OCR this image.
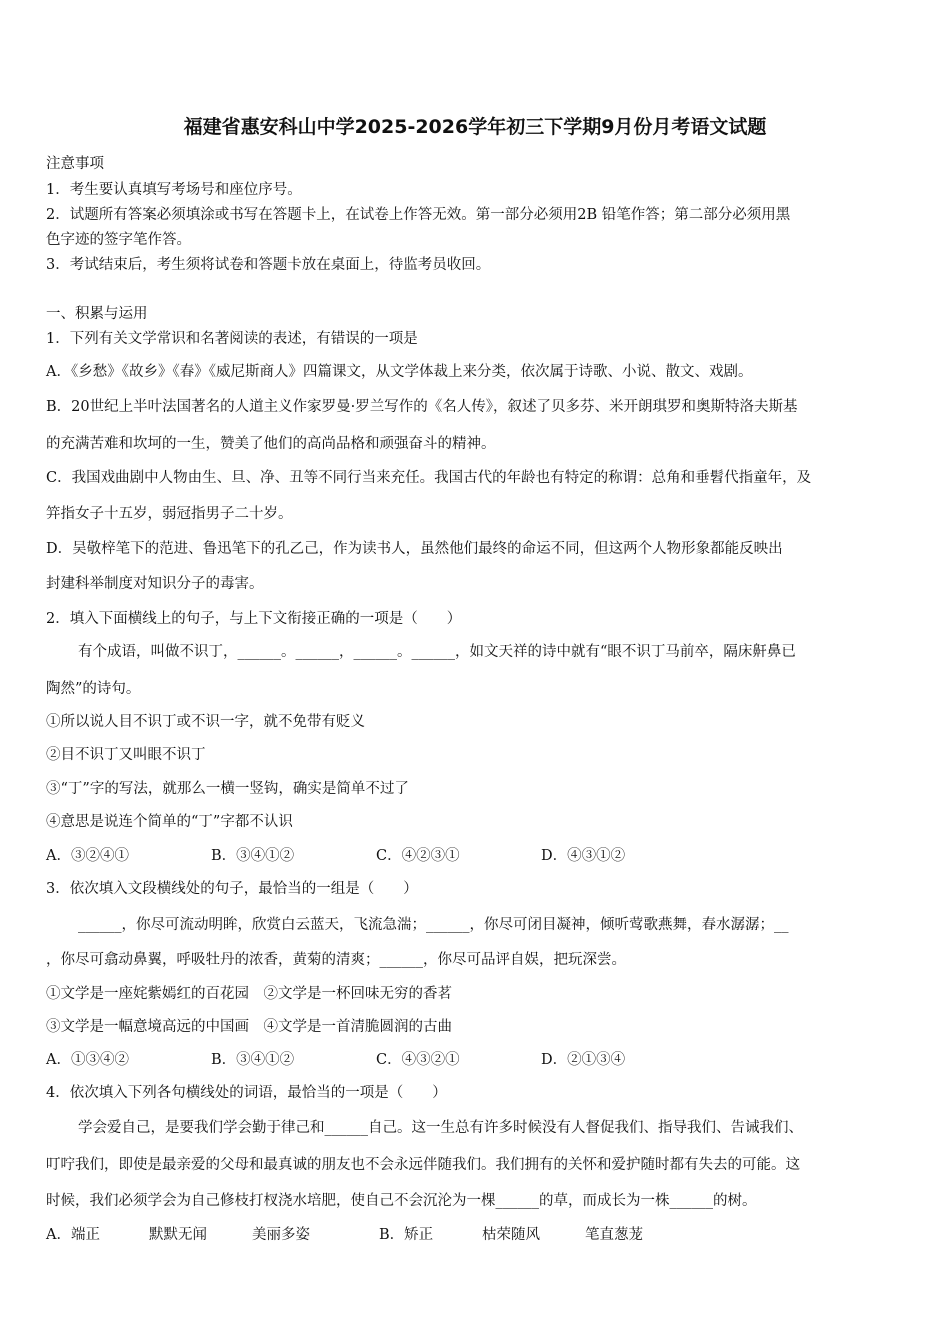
福建省惠安科山中学2025-2026学年初三下学期9月份月考语文试题
注意事项
1．考生要认真填写考场号和座位序号。
2．试题所有答案必须填涂或书写在答题卡上，在试卷上作答无效。第一部分必须用2B 铅笔作答；第二部分必须用黑
色字迹的签字笔作答。
3．考试结束后，考生须将试卷和答题卡放在桌面上，待监考员收回。
一、积累与运用
1．下列有关文学常识和名著阅读的表述，有错误的一项是
A．《乡愁》《故乡》《春》《威尼斯商人》四篇课文，从文学体裁上来分类，依次属于诗歌、小说、散文、戏剧。
B．20世纪上半叶法国著名的人道主义作家罗曼·罗兰写作的《名人传》，叙述了贝多芬、米开朗琪罗和奥斯特洛夫斯基
的充满苦难和坎坷的一生，赞美了他们的高尚品格和顽强奋斗的精神。
C．我国戏曲剧中人物由生、旦、净、丑等不同行当来充任。我国古代的年龄也有特定的称谓：总角和垂髫代指童年，及
笄指女子十五岁，弱冠指男子二十岁。
D．吴敬梓笔下的范进、鲁迅笔下的孔乙己，作为读书人，虽然他们最终的命运不同，但这两个人物形象都能反映出
封建科举制度对知识分子的毒害。
2．填入下面横线上的句子，与上下文衔接正确的一项是（　　）
有个成语，叫做不识丁，______。______，______。______，如文天祥的诗中就有“眼不识丁马前卒，隔床鼾鼻已
陶然”的诗句。
①所以说人目不识丁或不识一字，就不免带有贬义
②目不识丁又叫眼不识丁
③“丁”字的写法，就那么一横一竖钩，确实是简单不过了
④意思是说连个简单的“丁”字都不认识
A．③②④①	B．③④①②	C．④②③①	D．④③①②
3．依次填入文段横线处的句子，最恰当的一组是（　　）
______，你尽可流动明眸，欣赏白云蓝天，飞流急湍；______，你尽可闭目凝神，倾听莺歌燕舞，春水潺潺；__
，你尽可翕动鼻翼，呼吸牡丹的浓香，黄菊的清爽；______，你尽可品评自娱，把玩深尝。
①文学是一座姹紫嫣红的百花园　②文学是一杯回味无穷的香茗
③文学是一幅意境高远的中国画　④文学是一首清脆圆润的古曲
A．①③④②	B．③④①②	C．④③②①	D．②①③④
4．依次填入下列各句横线处的词语，最恰当的一项是（　　）
学会爱自己，是要我们学会勤于律己和______自己。这一生总有许多时候没有人督促我们、指导我们、告诫我们、
叮咛我们，即使是最亲爱的父母和最真诚的朋友也不会永远伴随我们。我们拥有的关怀和爱护随时都有失去的可能。这
时候，我们必须学会为自己修枝打杈浇水培肥，使自己不会沉沦为一棵______的草，而成长为一株______的树。
A．端正	默默无闻	美丽多姿	B．矫正	枯荣随风	笔直葱茏
